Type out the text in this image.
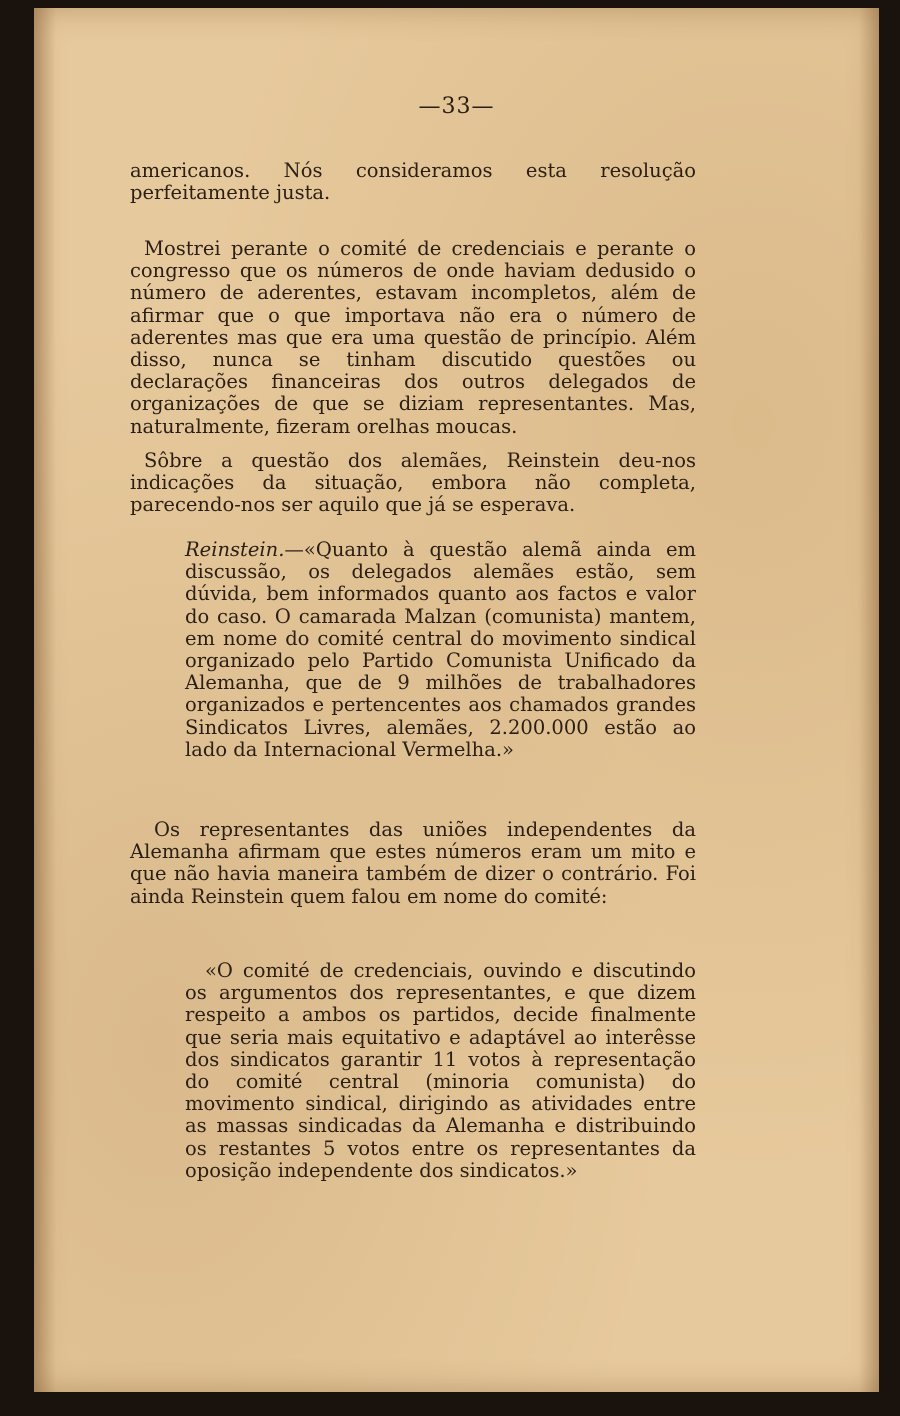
—33—
americanos. Nós consideramos esta resolução perfeitamente justa.
Mostrei perante o comité de credenciais e perante o congresso que os números de onde haviam dedusido o número de aderentes, estavam incompletos, além de afirmar que o que importava não era o número de aderentes mas que era uma questão de princípio. Além disso, nunca se tinham discutido questões ou declarações financeiras dos outros delegados de organizações de que se diziam representantes. Mas, naturalmente, fizeram orelhas moucas.
Sôbre a questão dos alemães, Reinstein deu-nos indicações da situação, embora não completa, parecendo-nos ser aquilo que já se esperava.
Reinstein.—«Quanto à questão alemã ainda em discussão, os delegados alemães estão, sem dúvida, bem informados quanto aos factos e valor do caso. O camarada Malzan (comunista) mantem, em nome do comité central do movimento sindical organizado pelo Partido Comunista Unificado da Alemanha, que de 9 milhões de trabalhadores organizados e pertencentes aos chamados grandes Sindicatos Livres, alemães, 2.200.000 estão ao lado da Internacional Vermelha.»
Os representantes das uniões independentes da Alemanha afirmam que estes números eram um mito e que não havia maneira também de dizer o contrário. Foi ainda Reinstein quem falou em nome do comité:
«O comité de credenciais, ouvindo e discutindo os argumentos dos representantes, e que dizem respeito a ambos os partidos, decide finalmente que seria mais equitativo e adaptável ao interêsse dos sindicatos garantir 11 votos à representação do comité central (minoria comunista) do movimento sindical, dirigindo as atividades entre as massas sindicadas da Alemanha e distribuindo os restantes 5 votos entre os representantes da oposição independente dos sindicatos.»
